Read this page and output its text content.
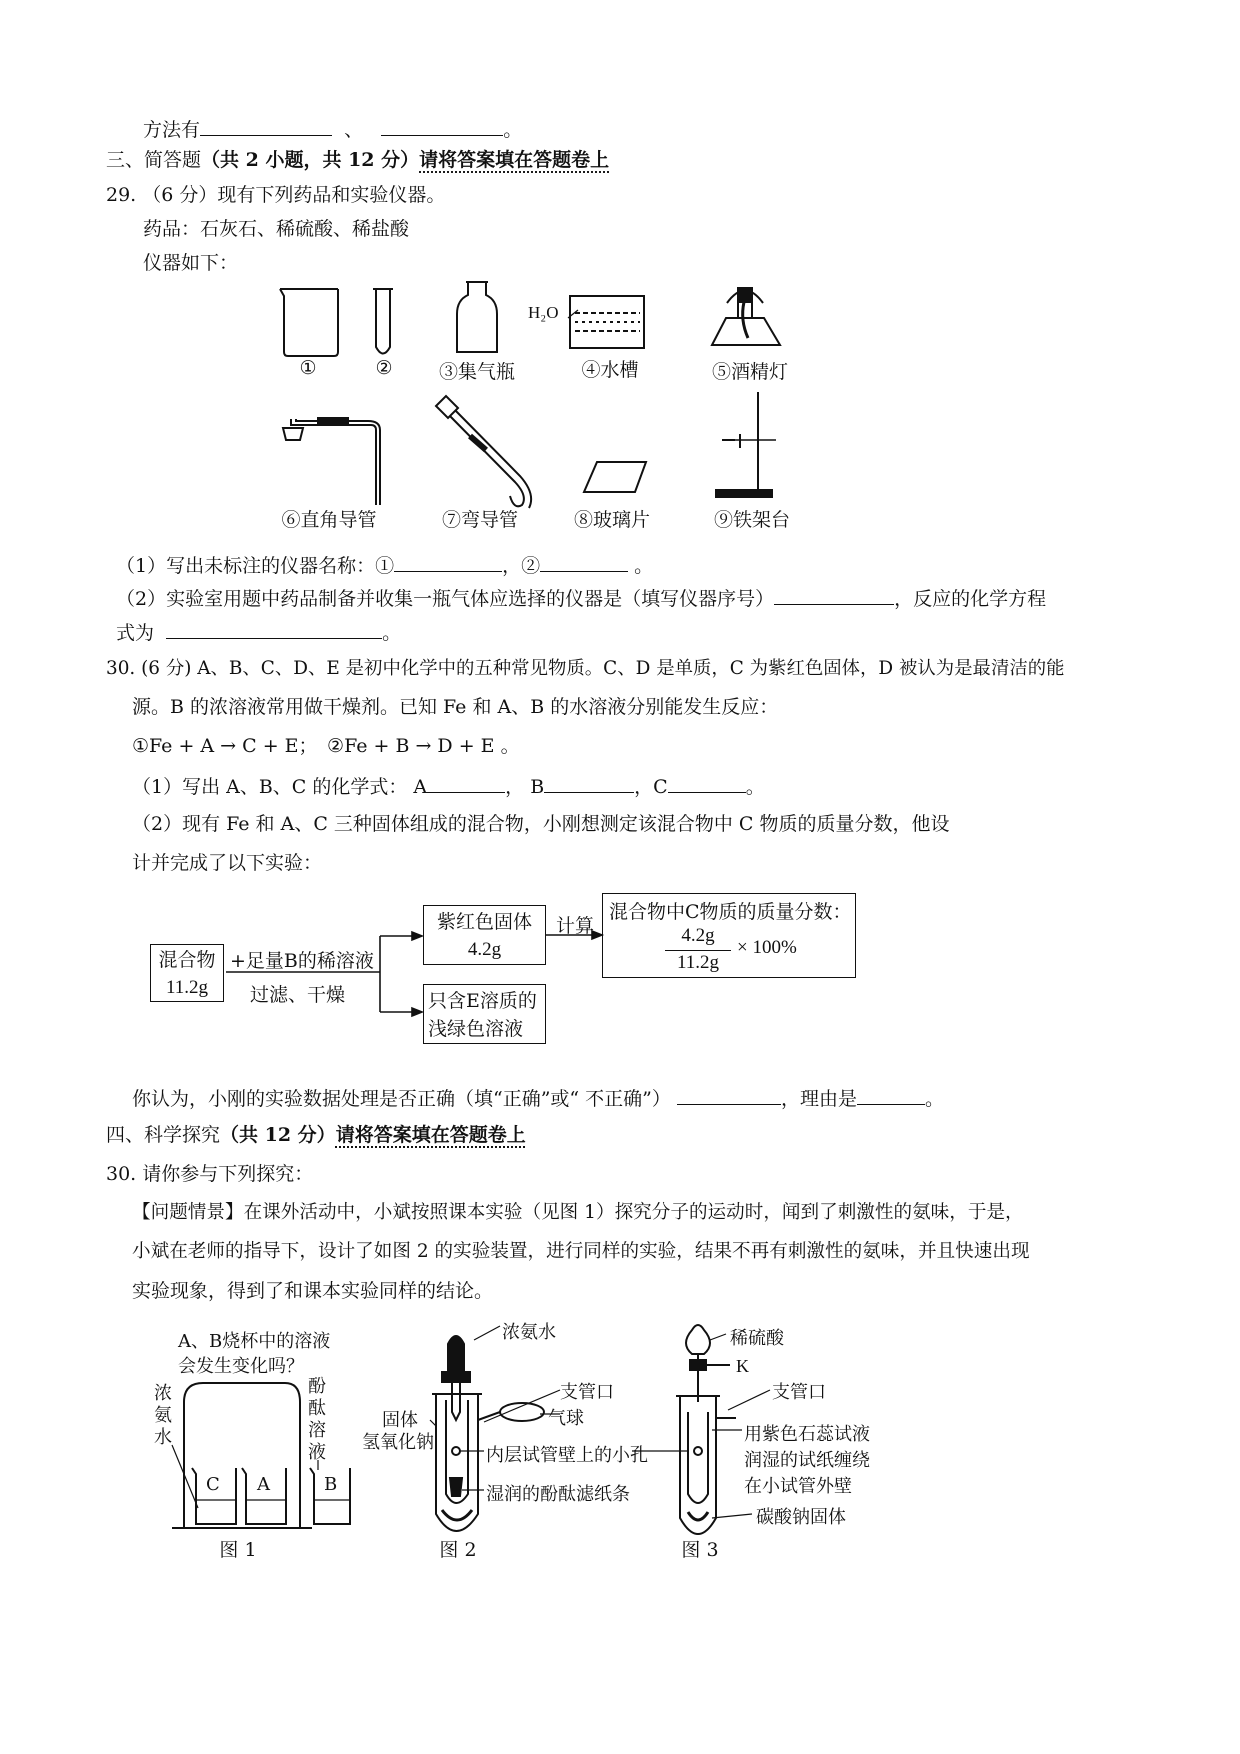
方法有	、	。
三、简答题（共 2 小题，共 12 分）请将答案填在答题卷上
29. （6 分）现有下列药品和实验仪器。
药品：石灰石、稀硫酸、稀盐酸
仪器如下：
H₂O
①	②	③集气瓶	④水槽	⑤酒精灯
⑥直角导管	⑦弯导管	⑧玻璃片	⑨铁架台
（1）写出未标注的仪器名称：①	，②	。
（2）实验室用题中药品制备并收集一瓶气体应选择的仪器是（填写仪器序号）	，反应的化学方程
式为	。
30. (6 分) A、B、C、D、E 是初中化学中的五种常见物质。C、D 是单质，C 为紫红色固体，D 被认为是最清洁的能
源。B 的浓溶液常用做干燥剂。已知 Fe 和 A、B 的水溶液分别能发生反应：
①Fe + A → C + E；　②Fe + B → D + E 。
（1）写出 A、B、C 的化学式： A	， B	，C	。
（2）现有 Fe 和 A、C 三种固体组成的混合物，小刚想测定该混合物中 C 物质的质量分数，他设
计并完成了以下实验：
混合物
11.2g
+足量B的稀溶液
过滤、干燥
紫红色固体
4.2g
计算
混合物中C物质的质量分数：
4.2g
11.2g
× 100%
只含E溶质的
浅绿色溶液
你认为，小刚的实验数据处理是否正确（填“正确”或“ 不正确”）	，理由是	。
四、科学探究（共 12 分）请将答案填在答题卷上
30. 请你参与下列探究：
【问题情景】在课外活动中，小斌按照课本实验（见图 1）探究分子的运动时，闻到了刺激性的氨味，于是，
小斌在老师的指导下，设计了如图 2 的实验装置，进行同样的实验，结果不再有刺激性的氨味，并且快速出现
实验现象，得到了和课本实验同样的结论。
A、B烧杯中的溶液
会发生变化吗？
浓
氨
水
酚
酞
溶
液
C A	B
图 1
浓氨水
支管口
气球
固体
氢氧化钠
内层试管壁上的小孔
湿润的酚酞滤纸条
图 2
稀硫酸
K
支管口
用紫色石蕊试液
润湿的试纸缠绕
在小试管外壁
碳酸钠固体
图 3
